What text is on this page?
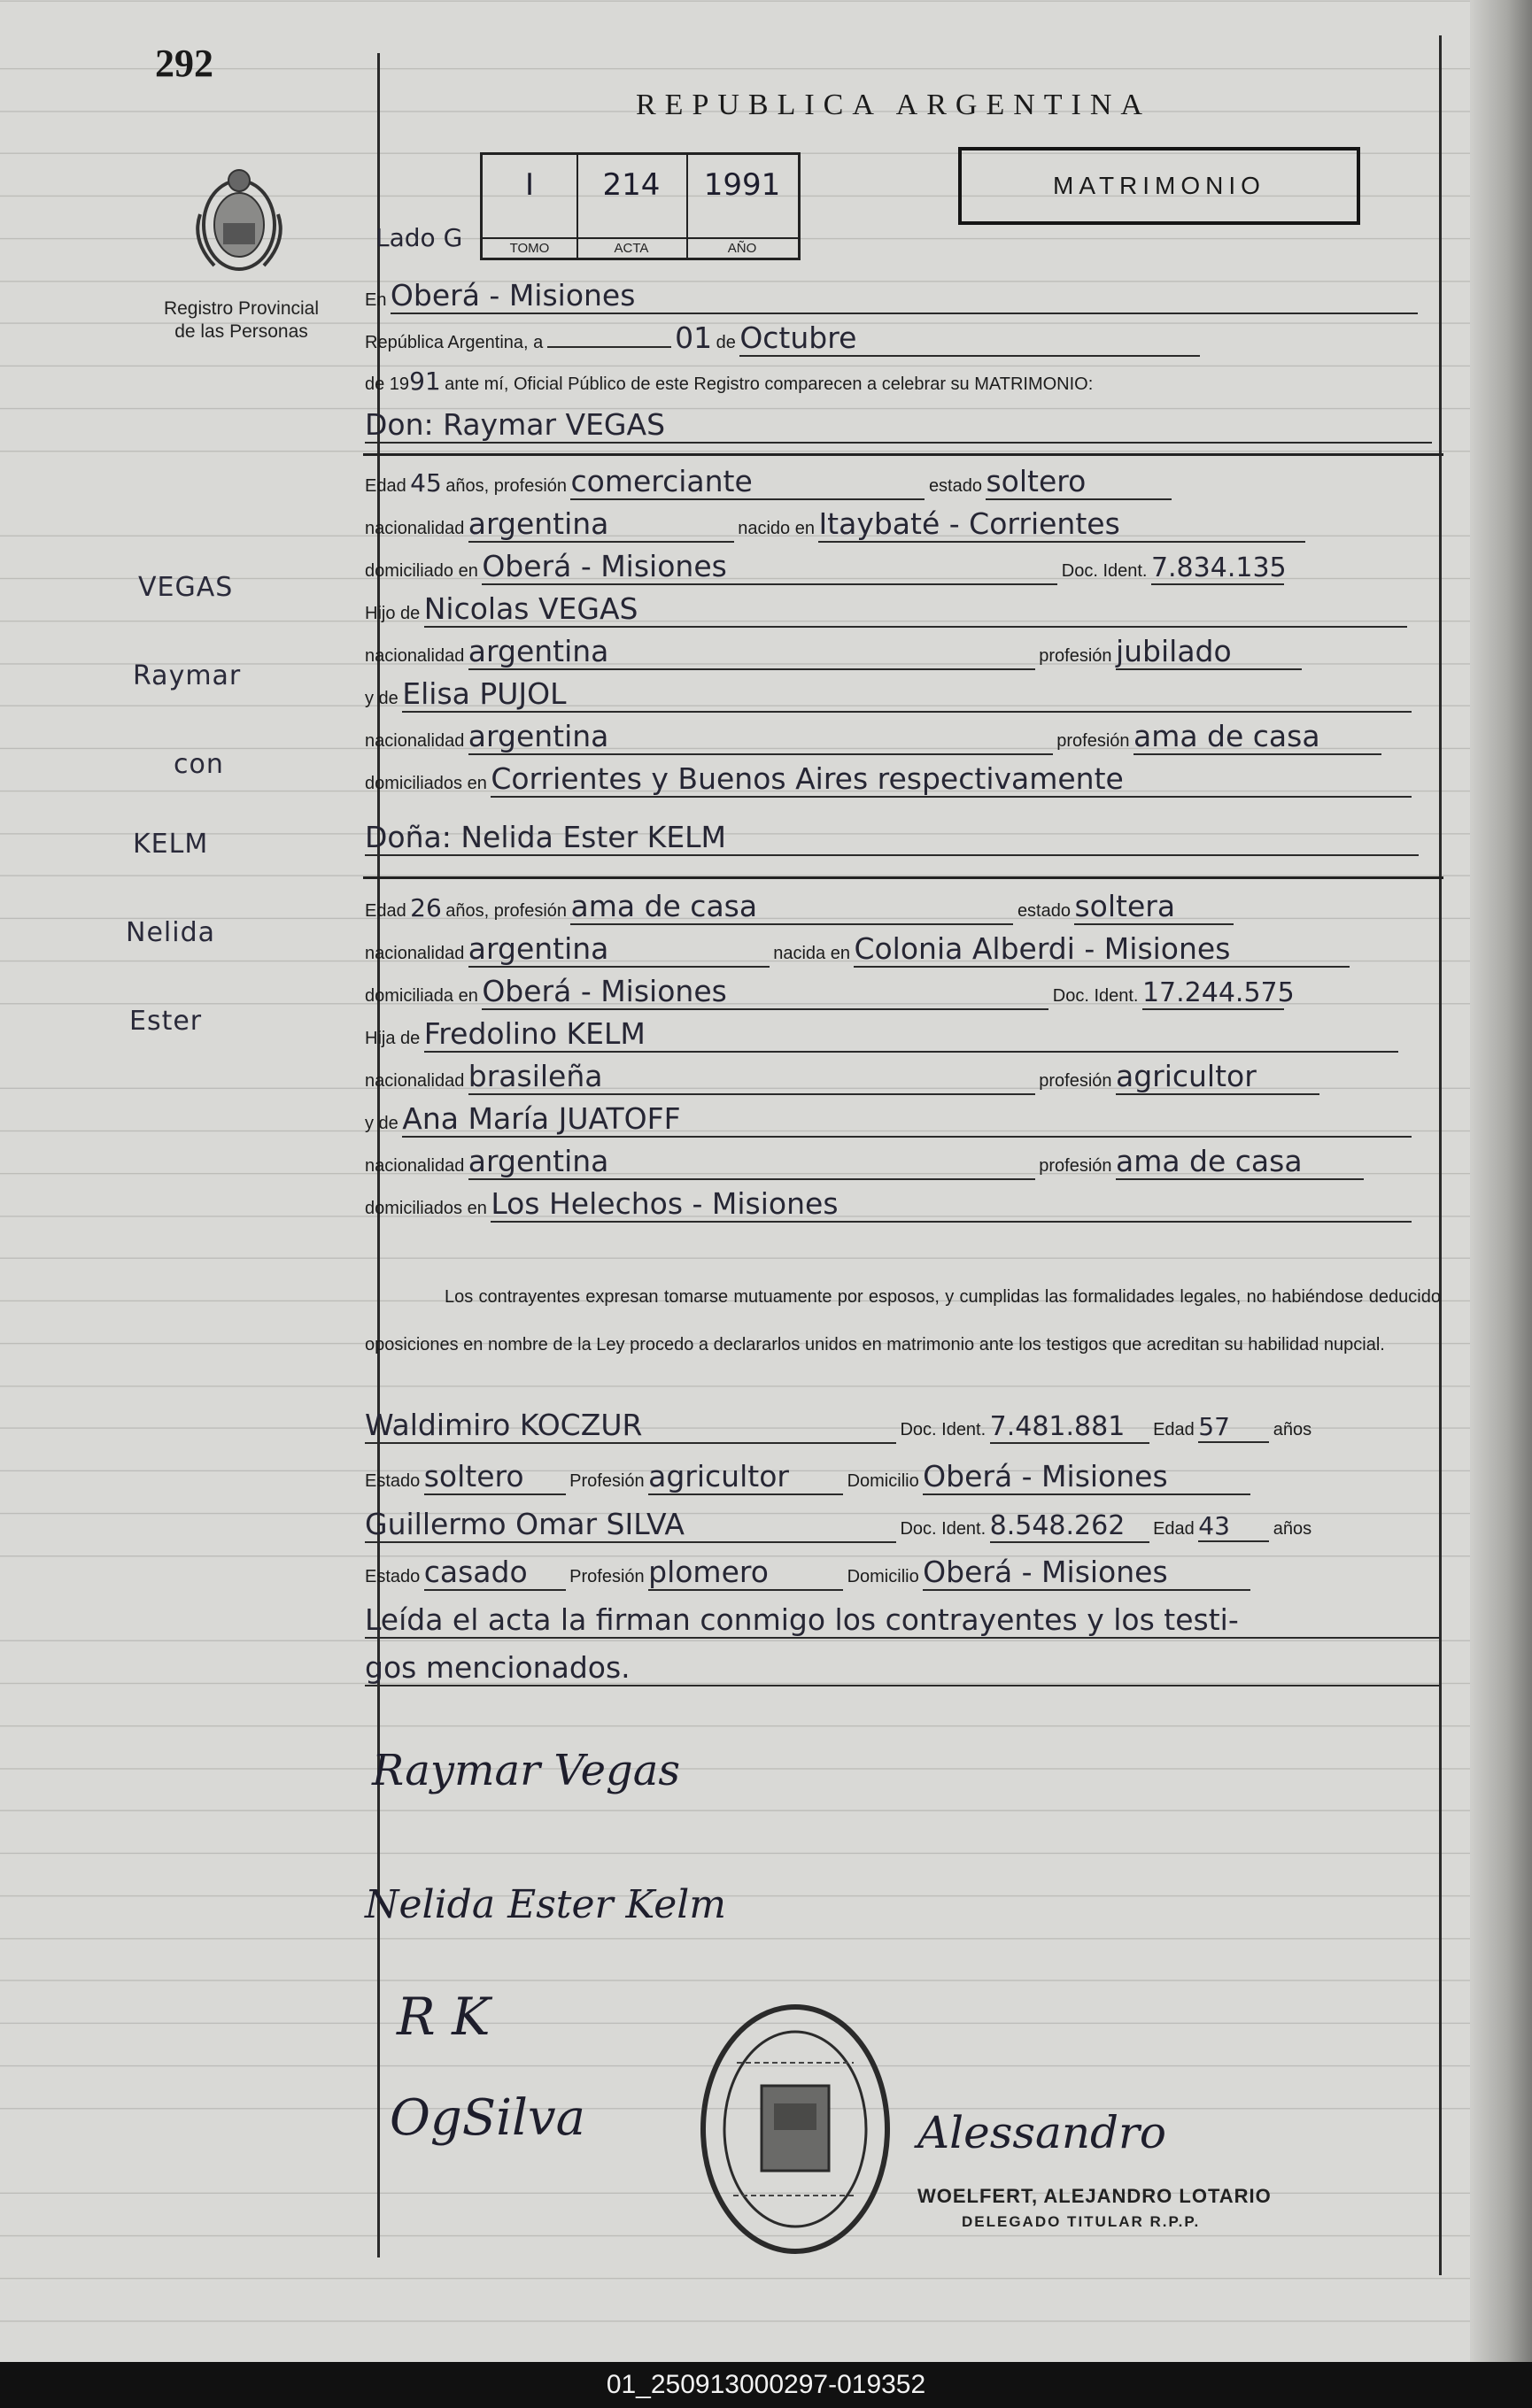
292
Registro Provincial
de las Personas
VEGAS
Raymar
con
KELM
Nelida
Ester
REPUBLICA ARGENTINA
I
TOMO
214
ACTA
1991
AÑO
Lado G
MATRIMONIO
En Oberá - Misiones
República Argentina, a	01 de Octubre
de 1991 ante mí, Oficial Público de este Registro comparecen a celebrar su MATRIMONIO:
Don: Raymar VEGAS
Edad 45 años, profesión comerciante	estado soltero
nacionalidad argentina	nacido en Itaybaté - Corrientes
domiciliado en Oberá - Misiones	Doc. Ident. 7.834.135
Hijo de Nicolas VEGAS
nacionalidad argentina	profesión jubilado
y de Elisa PUJOL
nacionalidad argentina	profesión ama de casa
domiciliados en Corrientes y Buenos Aires respectivamente
Doña: Nelida Ester KELM
Edad 26 años, profesión ama de casa	estado soltera
nacionalidad argentina	nacida en Colonia Alberdi - Misiones
domiciliada en Oberá - Misiones	Doc. Ident. 17.244.575
Hija de Fredolino KELM
nacionalidad brasileña	profesión agricultor
y de Ana María JUATOFF
nacionalidad argentina	profesión ama de casa
domiciliados en Los Helechos - Misiones
Los contrayentes expresan tomarse mutuamente por esposos, y cumplidas las formalidades legales, no habiéndose deducido oposiciones en nombre de la Ley procedo a declararlos unidos en matrimonio ante los testigos que acreditan su habilidad nupcial.
Waldimiro KOCZUR	Doc. Ident. 7.481.881 Edad 57 años
Estado soltero	Profesión agricultor	Domicilio Oberá - Misiones
Guillermo Omar SILVA	Doc. Ident. 8.548.262 Edad 43 años
Estado casado Profesión plomero	Domicilio Oberá - Misiones
Leída el acta la firman conmigo los contrayentes y los testi-
gos mencionados.
Raymar Vegas
Nelida Ester Kelm
R K
OgSilva	Alessandro
WOELFERT, ALEJANDRO LOTARIO
DELEGADO TITULAR R.P.P.
01_250913000297-019352
